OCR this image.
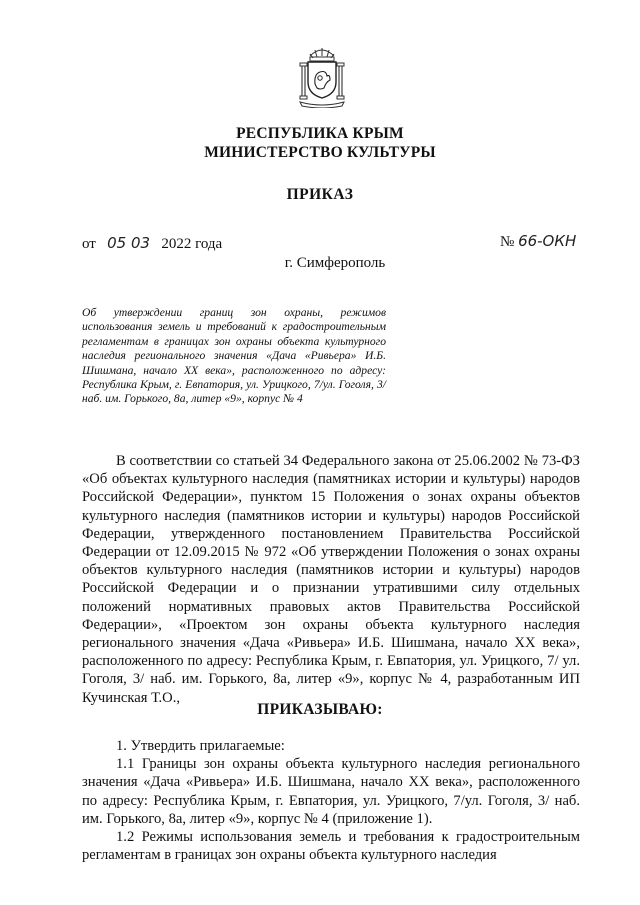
РЕСПУБЛИКА КРЫМ
МИНИСТЕРСТВО КУЛЬТУРЫ
ПРИКАЗ
от 05 03 2022 года	№ 66-ОКН
г. Симферополь
Об утверждении границ зон охраны, режимов использования земель и требований к градостроительным регламентам в границах зон охраны объекта культурного наследия регионального значения «Дача «Ривьера» И.Б. Шишмана, начало XX века», расположенного по адресу: Республика Крым, г. Евпатория, ул. Урицкого, 7/ул. Гоголя, 3/ наб. им. Горького, 8а, литер «9», корпус № 4

В соответствии со статьей 34 Федерального закона от 25.06.2002 № 73-ФЗ «Об объектах культурного наследия (памятниках истории и культуры) народов Российской Федерации», пунктом 15 Положения о зонах охраны объектов культурного наследия (памятников истории и культуры) народов Российской Федерации, утвержденного постановлением Правительства Российской Федерации от 12.09.2015 № 972 «Об утверждении Положения о зонах охраны объектов культурного наследия (памятников истории и культуры) народов Российской Федерации и о признании утратившими силу отдельных положений нормативных правовых актов Правительства Российской Федерации», «Проектом зон охраны объекта культурного наследия регионального значения «Дача «Ривьера» И.Б. Шишмана, начало XX века», расположенного по адресу: Республика Крым, г. Евпатория, ул. Урицкого, 7/ ул. Гоголя, 3/ наб. им. Горького, 8а, литер «9», корпус № 4, разработанным ИП Кучинская Т.О.,

ПРИКАЗЫВАЮ:

1. Утвердить прилагаемые:

1.1 Границы зон охраны объекта культурного наследия регионального значения «Дача «Ривьера» И.Б. Шишмана, начало XX века», расположенного по адресу: Республика Крым, г. Евпатория, ул. Урицкого, 7/ул. Гоголя, 3/ наб. им. Горького, 8а, литер «9», корпус № 4 (приложение 1).

1.2 Режимы использования земель и требования к градостроительным регламентам в границах зон охраны объекта культурного наследия
